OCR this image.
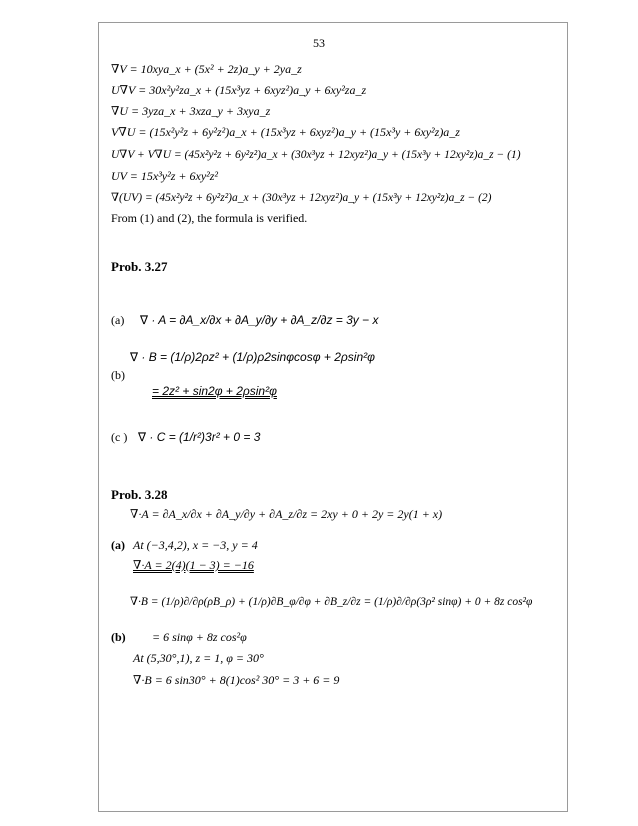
53
∇V = 10xya_x + (5x² + 2z)a_y + 2ya_z
U∇V = 30x²y²za_x + (15x³yz + 6xyz²)a_y + 6xy²za_z
∇U = 3yza_x + 3xza_y + 3xya_z
V∇U = (15x²y²z + 6y²z²)a_x + (15x³yz + 6xyz²)a_y + (15x³y + 6xy²z)a_z
U∇V + V∇U = (45x²y²z + 6y²z²)a_x + (30x³yz + 12xyz²)a_y + (15x³y + 12xy²z)a_z − (1)
UV = 15x³y²z + 6xy²z²
∇(UV) = (45x²y²z + 6y²z²)a_x + (30x³yz + 12xyz²)a_y + (15x³y + 12xy²z)a_z − (2)
From (1) and (2), the formula is verified.
Prob. 3.27
(a) ∇ · A = ∂A_x/∂x + ∂A_y/∂y + ∂A_z/∂z = 3y − x
(b)
∇ · B = (1/ρ)2ρz² + (1/ρ)ρ2sinφcosφ + 2ρsin²φ
= 2z² + sin2φ + 2ρsin²φ
(c ) ∇ · C = (1/r²)3r² + 0 = 3
Prob. 3.28
∇·A = ∂A_x/∂x + ∂A_y/∂y + ∂A_z/∂z = 2xy + 0 + 2y = 2y(1 + x)
(a) At (−3,4,2), x = −3, y = 4
∇·A = 2(4)(1 − 3) = −16
∇·B = (1/ρ)∂/∂ρ(ρB_ρ) + (1/ρ)∂B_φ/∂φ + ∂B_z/∂z = (1/ρ)∂/∂ρ(3ρ² sinφ) + 0 + 8z cos²φ
(b) = 6 sinφ + 8z cos²φ
At (5,30°,1), z = 1, φ = 30°
∇·B = 6 sin30° + 8(1)cos² 30° = 3 + 6 = 9
